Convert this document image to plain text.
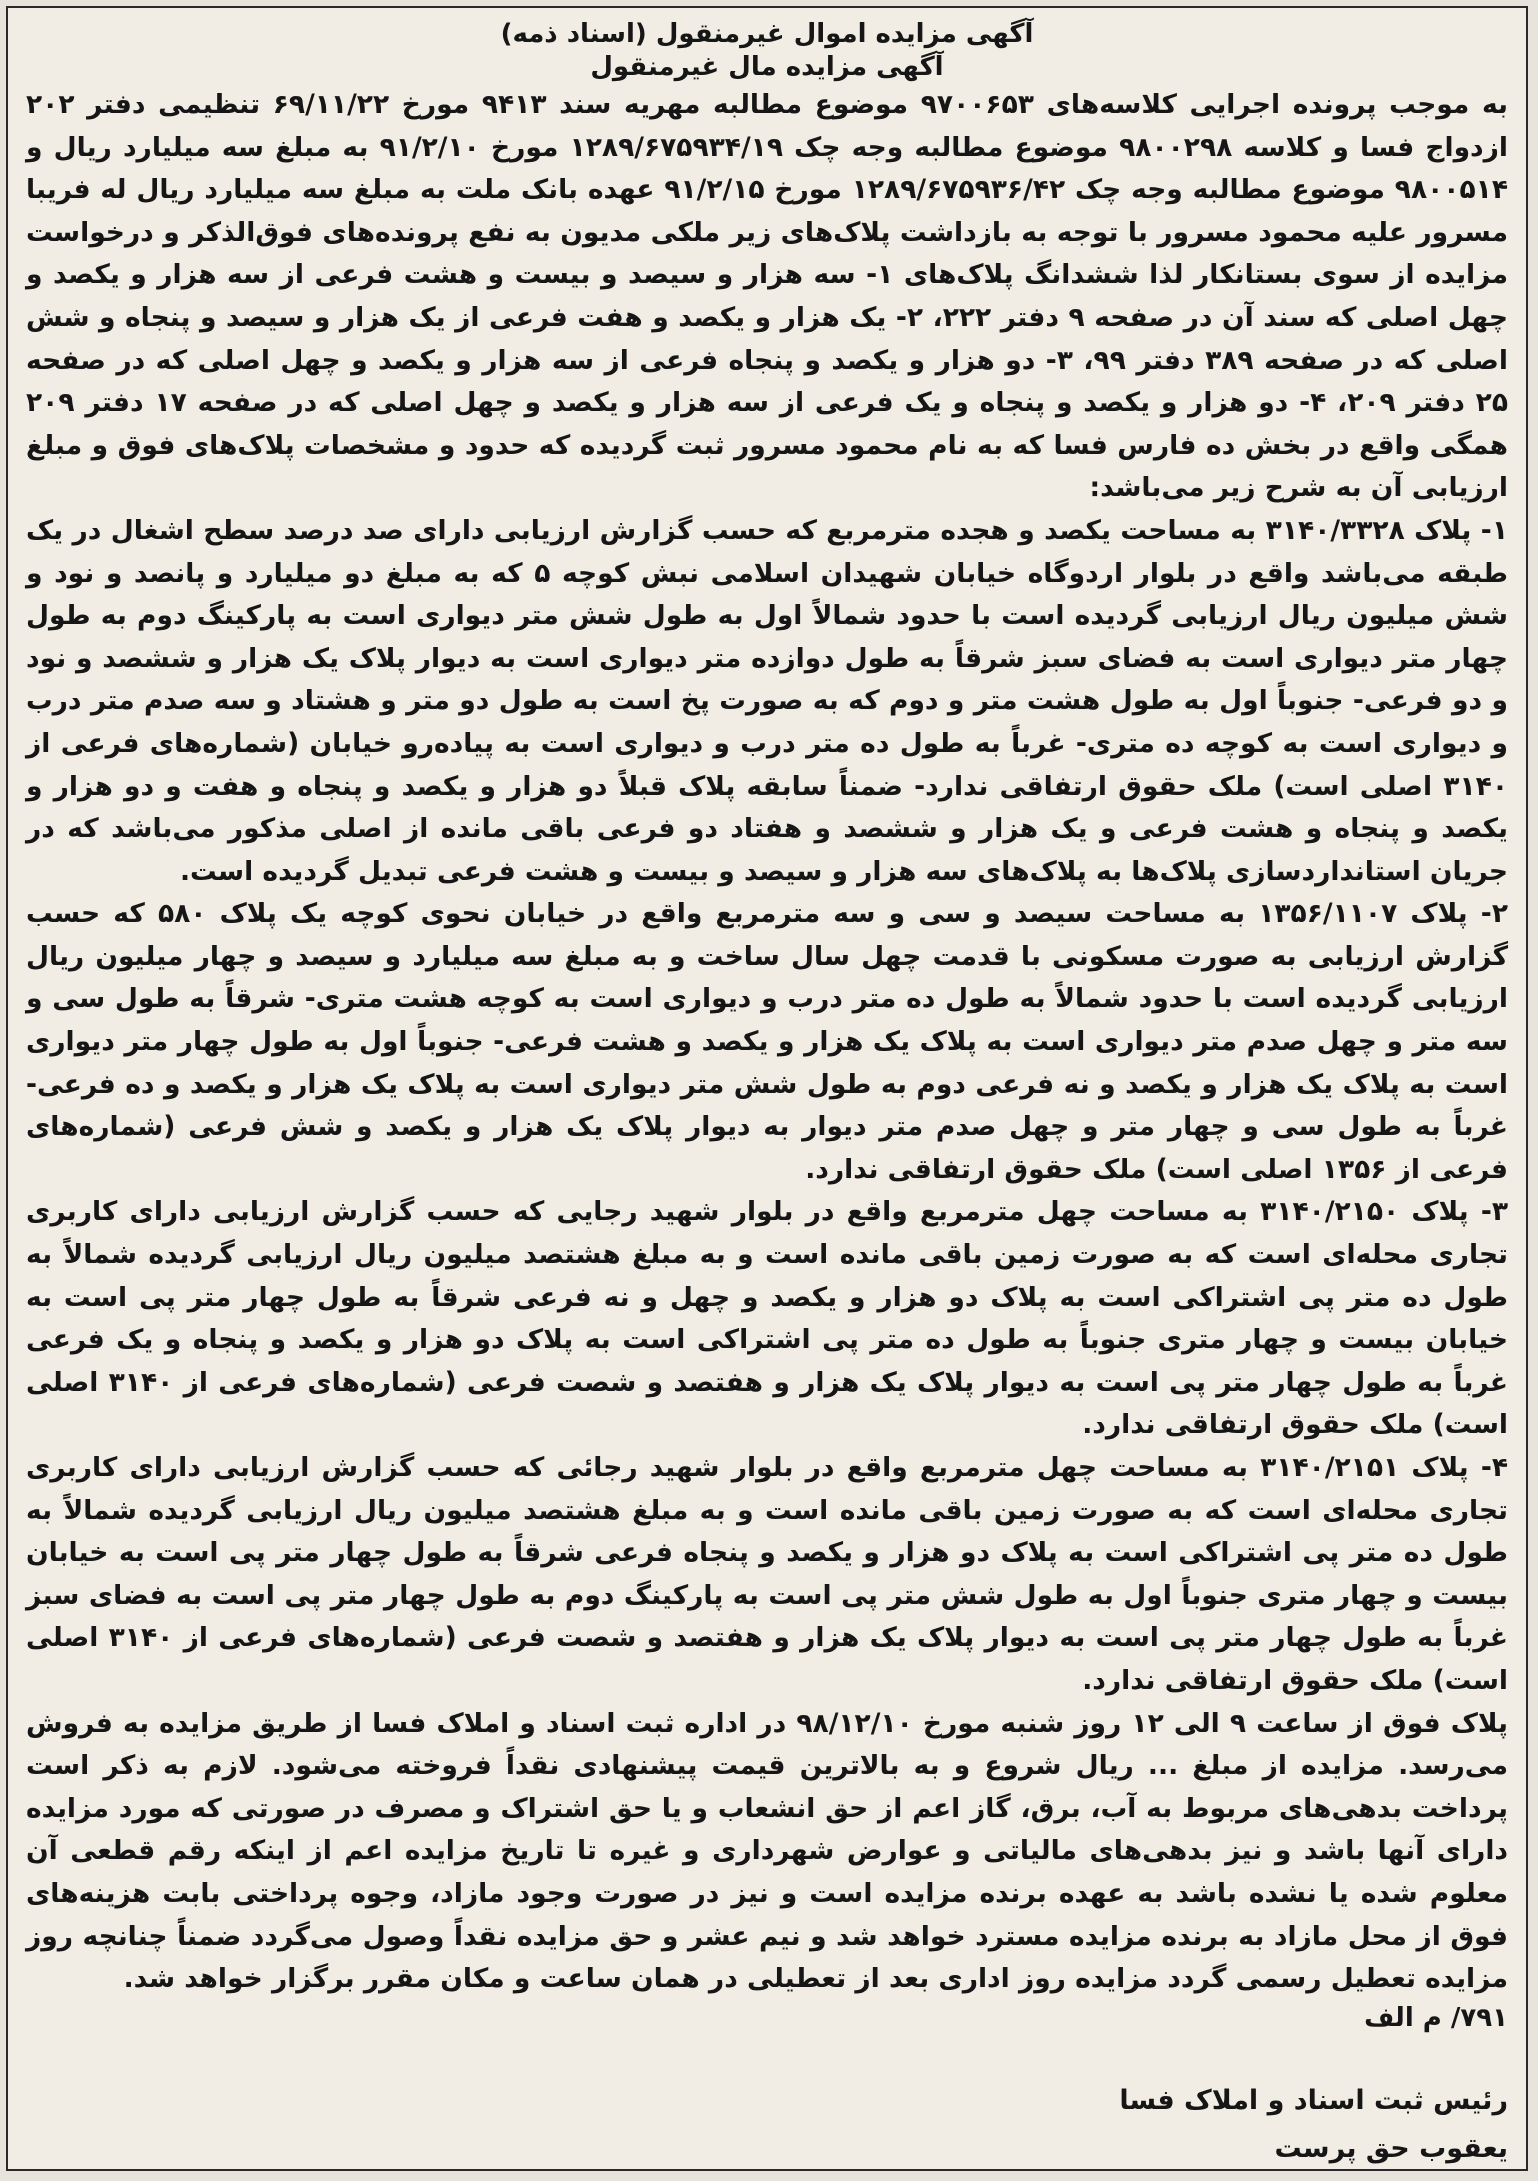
آگهی مزایده اموال غیرمنقول (اسناد ذمه)
آگهی مزایده مال غیرمنقول

به موجب پرونده اجرایی کلاسه‌های ۹۷۰۰۶۵۳ موضوع مطالبه مهریه سند ۹۴۱۳ مورخ ۶۹/۱۱/۲۲ تنظیمی دفتر ۲۰۲ ازدواج فسا و کلاسه ۹۸۰۰۲۹۸ موضوع مطالبه وجه چک ۱۲۸۹/۶۷۵۹۳۴/۱۹ مورخ ۹۱/۲/۱۰ به مبلغ سه میلیارد ریال و ۹۸۰۰۵۱۴ موضوع مطالبه وجه چک ۱۲۸۹/۶۷۵۹۳۶/۴۲ مورخ ۹۱/۲/۱۵ عهده بانک ملت به مبلغ سه میلیارد ریال له فریبا مسرور علیه محمود مسرور با توجه به بازداشت پلاک‌های زیر ملکی مدیون به نفع پرونده‌های فوق‌الذکر و درخواست مزایده از سوی بستانکار لذا ششدانگ پلاک‌های ۱- سه هزار و سیصد و بیست و هشت فرعی از سه هزار و یکصد و چهل اصلی که سند آن در صفحه ۹ دفتر ۲۲۲، ۲- یک هزار و یکصد و هفت فرعی از یک هزار و سیصد و پنجاه و شش اصلی که در صفحه ۳۸۹ دفتر ۹۹، ۳- دو هزار و یکصد و پنجاه فرعی از سه هزار و یکصد و چهل اصلی که در صفحه ۲۵ دفتر ۲۰۹، ۴- دو هزار و یکصد و پنجاه و یک فرعی از سه هزار و یکصد و چهل اصلی که در صفحه ۱۷ دفتر ۲۰۹ همگی واقع در بخش ده فارس فسا که به نام محمود مسرور ثبت گردیده که حدود و مشخصات پلاک‌های فوق و مبلغ ارزیابی آن به شرح زیر می‌باشد:

۱- پلاک ۳۱۴۰/۳۳۲۸ به مساحت یکصد و هجده مترمربع که حسب گزارش ارزیابی دارای صد درصد سطح اشغال در یک طبقه می‌باشد واقع در بلوار اردوگاه خیابان شهیدان اسلامی نبش کوچه ۵ که به مبلغ دو میلیارد و پانصد و نود و شش میلیون ریال ارزیابی گردیده است با حدود شمالاً اول به طول شش متر دیواری است به پارکینگ دوم به طول چهار متر دیواری است به فضای سبز شرقاً به طول دوازده متر دیواری است به دیوار پلاک یک هزار و ششصد و نود و دو فرعی- جنوباً اول به طول هشت متر و دوم که به صورت پخ است به طول دو متر و هشتاد و سه صدم متر درب و دیواری است به کوچه ده متری- غرباً به طول ده متر درب و دیواری است به پیاده‌رو خیابان (شماره‌های فرعی از ۳۱۴۰ اصلی است) ملک حقوق ارتفاقی ندارد- ضمناً سابقه پلاک قبلاً دو هزار و یکصد و پنجاه و هفت و دو هزار و یکصد و پنجاه و هشت فرعی و یک هزار و ششصد و هفتاد دو فرعی باقی مانده از اصلی مذکور می‌باشد که در جریان استانداردسازی پلاک‌ها به پلاک‌های سه هزار و سیصد و بیست و هشت فرعی تبدیل گردیده است.

۲- پلاک ۱۳۵۶/۱۱۰۷ به مساحت سیصد و سی و سه مترمربع واقع در خیابان نحوی کوچه یک پلاک ۵۸۰ که حسب گزارش ارزیابی به صورت مسکونی با قدمت چهل سال ساخت و به مبلغ سه میلیارد و سیصد و چهار میلیون ریال ارزیابی گردیده است با حدود شمالاً به طول ده متر درب و دیواری است به کوچه هشت متری- شرقاً به طول سی و سه متر و چهل صدم متر دیواری است به پلاک یک هزار و یکصد و هشت فرعی- جنوباً اول به طول چهار متر دیواری است به پلاک یک هزار و یکصد و نه فرعی دوم به طول شش متر دیواری است به پلاک یک هزار و یکصد و ده فرعی- غرباً به طول سی و چهار متر و چهل صدم متر دیوار به دیوار پلاک یک هزار و یکصد و شش فرعی (شماره‌های فرعی از ۱۳۵۶ اصلی است) ملک حقوق ارتفاقی ندارد.

۳- پلاک ۳۱۴۰/۲۱۵۰ به مساحت چهل مترمربع واقع در بلوار شهید رجایی که حسب گزارش ارزیابی دارای کاربری تجاری محله‌ای است که به صورت زمین باقی مانده است و به مبلغ هشتصد میلیون ریال ارزیابی گردیده شمالاً به طول ده متر پی اشتراکی است به پلاک دو هزار و یکصد و چهل و نه فرعی شرقاً به طول چهار متر پی است به خیابان بیست و چهار متری جنوباً به طول ده متر پی اشتراکی است به پلاک دو هزار و یکصد و پنجاه و یک فرعی غرباً به طول چهار متر پی است به دیوار پلاک یک هزار و هفتصد و شصت فرعی (شماره‌های فرعی از ۳۱۴۰ اصلی است) ملک حقوق ارتفاقی ندارد.

۴- پلاک ۳۱۴۰/۲۱۵۱ به مساحت چهل مترمربع واقع در بلوار شهید رجائی که حسب گزارش ارزیابی دارای کاربری تجاری محله‌ای است که به صورت زمین باقی مانده است و به مبلغ هشتصد میلیون ریال ارزیابی گردیده شمالاً به طول ده متر پی اشتراکی است به پلاک دو هزار و یکصد و پنجاه فرعی شرقاً به طول چهار متر پی است به خیابان بیست و چهار متری جنوباً اول به طول شش متر پی است به پارکینگ دوم به طول چهار متر پی است به فضای سبز غرباً به طول چهار متر پی است به دیوار پلاک یک هزار و هفتصد و شصت فرعی (شماره‌های فرعی از ۳۱۴۰ اصلی است) ملک حقوق ارتفاقی ندارد.

پلاک فوق از ساعت ۹ الی ۱۲ روز شنبه مورخ ۹۸/۱۲/۱۰ در اداره ثبت اسناد و املاک فسا از طریق مزایده به فروش می‌رسد. مزایده از مبلغ ... ریال شروع و به بالاترین قیمت پیشنهادی نقداً فروخته می‌شود. لازم به ذکر است پرداخت بدهی‌های مربوط به آب، برق، گاز اعم از حق انشعاب و یا حق اشتراک و مصرف در صورتی که مورد مزایده دارای آنها باشد و نیز بدهی‌های مالیاتی و عوارض شهرداری و غیره تا تاریخ مزایده اعم از اینکه رقم قطعی آن معلوم شده یا نشده باشد به عهده برنده مزایده است و نیز در صورت وجود مازاد، وجوه پرداختی بابت هزینه‌های فوق از محل مازاد به برنده مزایده مسترد خواهد شد و نیم عشر و حق مزایده نقداً وصول می‌گردد ضمناً چنانچه روز مزایده تعطیل رسمی گردد مزایده روز اداری بعد از تعطیلی در همان ساعت و مکان مقرر برگزار خواهد شد.

۷۹۱/ م الف
رئیس ثبت اسناد و املاک فسا
یعقوب حق پرست
